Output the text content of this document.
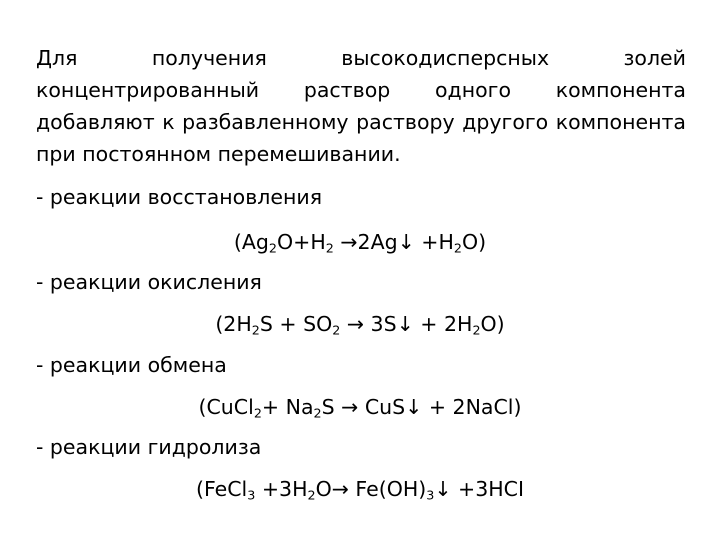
Для получения высокодисперсных золей концентрированный раствор одного компонента добавляют к разбавленному раствору другого компонента при постоянном перемешивании.

- реакции восстановления

($Ag_2O+H_2$ →2Ag↓ $+H_2O$)

- реакции окисления

($2H_2S + SO_2$ → 3S↓ + $2H_2O$)

- реакции обмена

(CuCl$_2$+ $Na_2S$ → CuS↓ + 2NaCl)

- реакции гидролиза

(FeCl$_3$ $+3H_2O\to$ $Fe(OH)_3↓ +3HCI$
